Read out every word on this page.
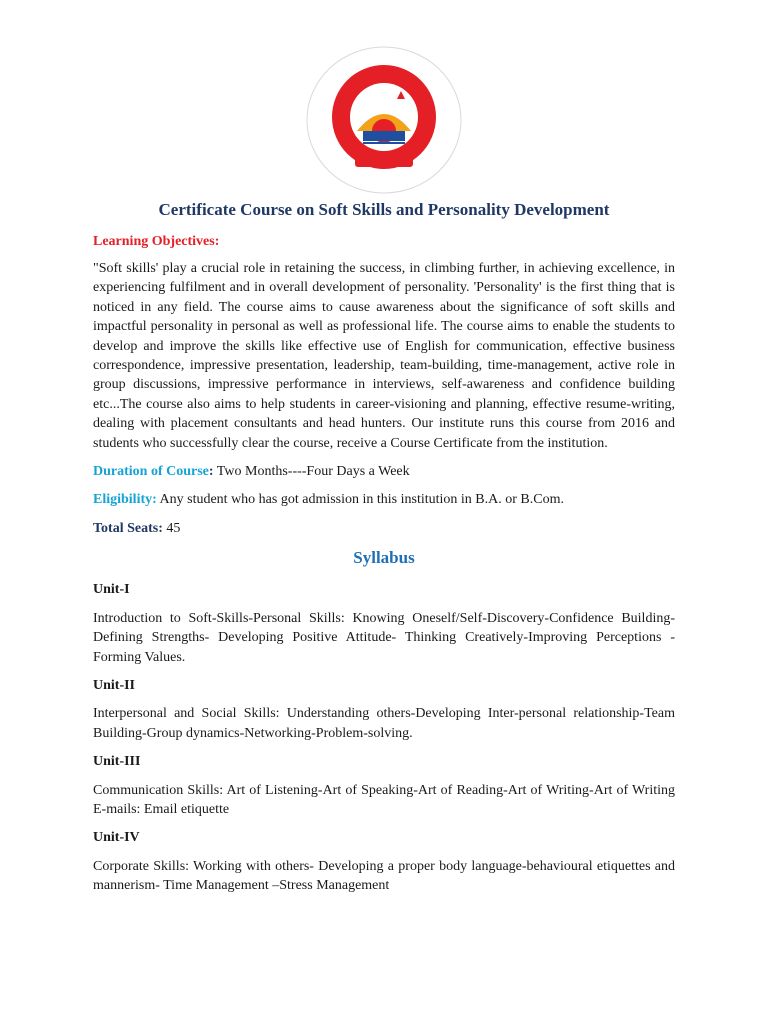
Certificate Course on Soft Skills and Personality Development
Learning Objectives:
"Soft skills' play a crucial role in retaining the success, in climbing further, in achieving excellence, in experiencing fulfilment and in overall development of personality. 'Personality' is the first thing that is noticed in any field. The course aims to cause awareness about the significance of soft skills and impactful personality in personal as well as professional life. The course aims to enable the students to develop and improve the skills like effective use of English for communication, effective business correspondence, impressive presentation, leadership, team-building, time-management, active role in group discussions, impressive performance in interviews, self-awareness and confidence building etc...The course also aims to help students in career-visioning and planning, effective resume-writing, dealing with placement consultants and head hunters. Our institute runs this course from 2016 and students who successfully clear the course, receive a Course Certificate from the institution.
Duration of Course: Two Months----Four Days a Week
Eligibility: Any student who has got admission in this institution in B.A. or B.Com.
Total Seats: 45
Syllabus
Unit-I
Introduction to Soft-Skills-Personal Skills: Knowing Oneself/Self-Discovery-Confidence Building- Defining Strengths- Developing Positive Attitude- Thinking Creatively-Improving Perceptions -Forming Values.
Unit-II
Interpersonal and Social Skills: Understanding others-Developing Inter-personal relationship-Team Building-Group dynamics-Networking-Problem-solving.
Unit-III
Communication Skills: Art of Listening-Art of Speaking-Art of Reading-Art of Writing-Art of Writing E-mails: Email etiquette
Unit-IV
Corporate Skills: Working with others- Developing a proper body language-behavioural etiquettes and mannerism- Time Management –Stress Management
